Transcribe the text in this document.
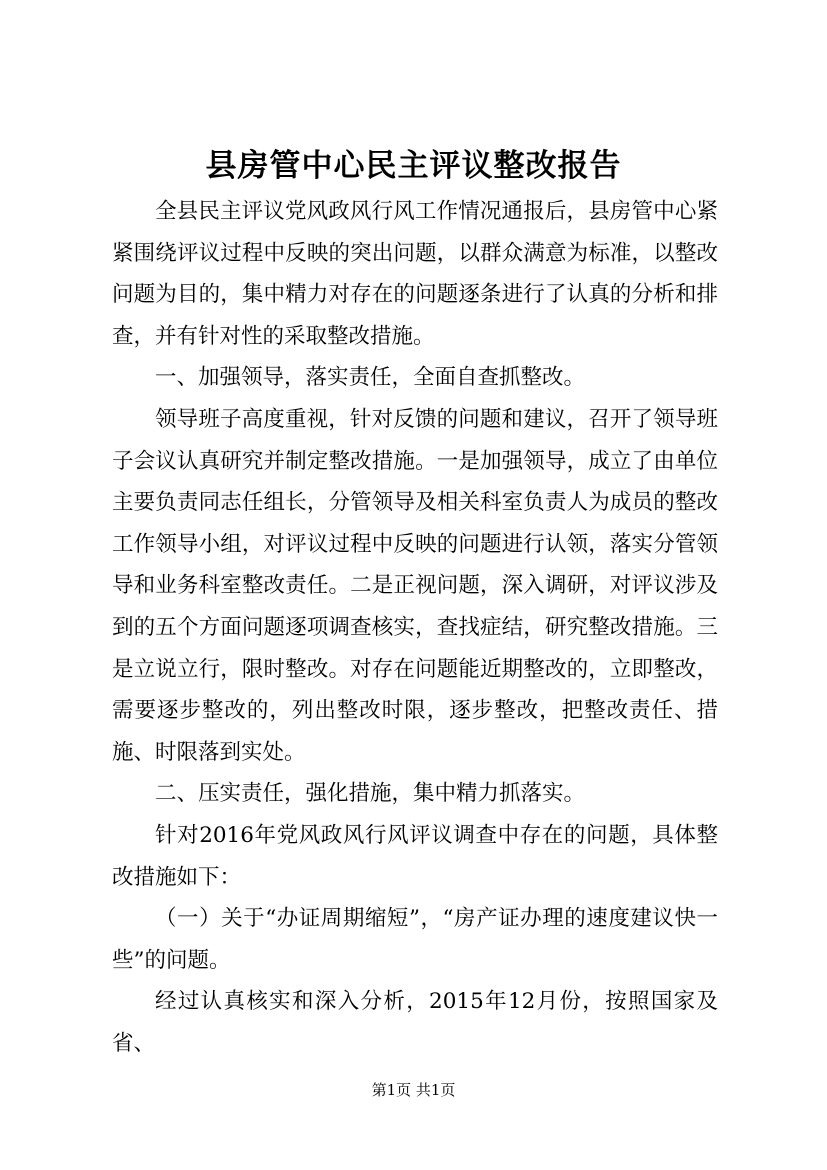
县房管中心民主评议整改报告

全县民主评议党风政风行风工作情况通报后，县房管中心紧紧围绕评议过程中反映的突出问题，以群众满意为标准，以整改问题为目的，集中精力对存在的问题逐条进行了认真的分析和排查，并有针对性的采取整改措施。

一、加强领导，落实责任，全面自查抓整改。

领导班子高度重视，针对反馈的问题和建议，召开了领导班子会议认真研究并制定整改措施。一是加强领导，成立了由单位主要负责同志任组长，分管领导及相关科室负责人为成员的整改工作领导小组，对评议过程中反映的问题进行认领，落实分管领导和业务科室整改责任。二是正视问题，深入调研，对评议涉及到的五个方面问题逐项调查核实，查找症结，研究整改措施。三是立说立行，限时整改。对存在问题能近期整改的，立即整改，需要逐步整改的，列出整改时限，逐步整改，把整改责任、措施、时限落到实处。

二、压实责任，强化措施，集中精力抓落实。

针对2016年党风政风行风评议调查中存在的问题，具体整改措施如下：

（一）关于“办证周期缩短”，“房产证办理的速度建议快一些”的问题。

经过认真核实和深入分析，2015年12月份，按照国家及省、

第1页 共1页
